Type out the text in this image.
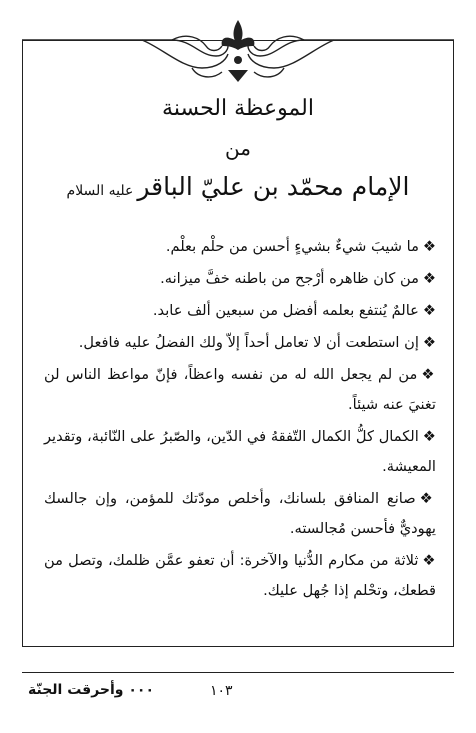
الموعظة الحسنة
من
الإمام محمّد بن عليّ الباقرعليه السلام

❖ما شيبَ شيءٌ بشيءٍ أحسن من حلْم بعلْم.

❖من كان ظاهره أرْجح من باطنه خفَّ ميزانه.

❖عالمٌ يُنتفع بعلمه أفضل من سبعين ألف عابد.

❖إن استطعت أن لا تعامل أحداً إلاّ ولك الفضلُ عليه فافعل.

❖من لم يجعل الله له من نفسه واعظاً، فإنّ مواعظ الناس لن تغنيَ عنه شيئاً.

❖الكمال كلُّ الكمال التّفقهُ في الدّين، والصّبرُ على النّائبة، وتقدير المعيشة.

❖صانع المنافق بلسانك، وأخلص مودّتك للمؤمن، وإن جالسك يهوديٌّ فأحسن مُجالسته.

❖ثلاثة من مكارم الدُّنيا والآخرة: أن تعفو عمَّن ظلمك، وتصل من قطعك، وتحْلم إذا جُهل عليك.

١٠٣
٠٠٠ وأحرقت الجنّة
